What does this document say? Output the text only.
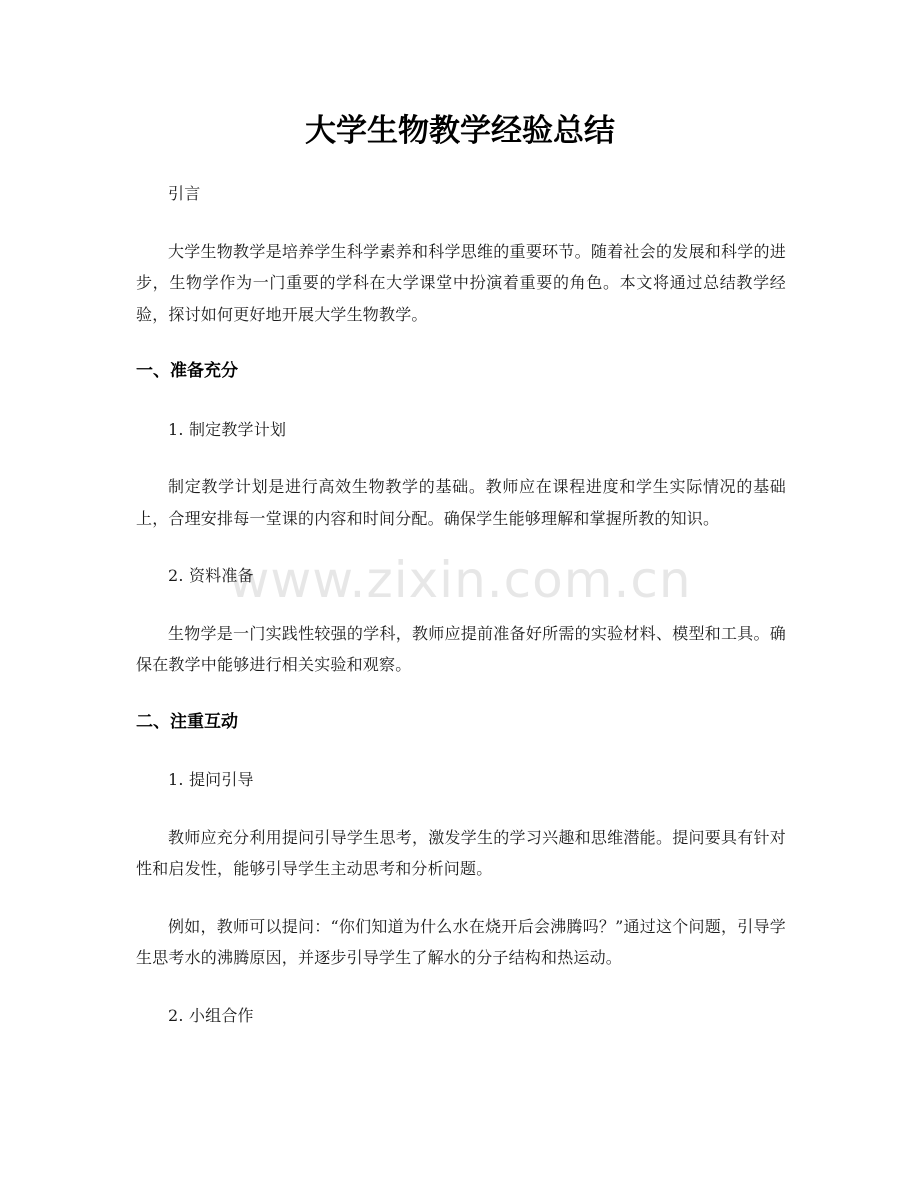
大学生物教学经验总结
www.zixin.com.cn

引言

大学生物教学是培养学生科学素养和科学思维的重要环节。随着社会的发展和科学的进步，生物学作为一门重要的学科在大学课堂中扮演着重要的角色。本文将通过总结教学经验，探讨如何更好地开展大学生物教学。

一、准备充分

1. 制定教学计划

制定教学计划是进行高效生物教学的基础。教师应在课程进度和学生实际情况的基础上，合理安排每一堂课的内容和时间分配。确保学生能够理解和掌握所教的知识。

2. 资料准备

生物学是一门实践性较强的学科，教师应提前准备好所需的实验材料、模型和工具。确保在教学中能够进行相关实验和观察。

二、注重互动

1. 提问引导

教师应充分利用提问引导学生思考，激发学生的学习兴趣和思维潜能。提问要具有针对性和启发性，能够引导学生主动思考和分析问题。

例如，教师可以提问：“你们知道为什么水在烧开后会沸腾吗？”通过这个问题，引导学生思考水的沸腾原因，并逐步引导学生了解水的分子结构和热运动。

2. 小组合作
